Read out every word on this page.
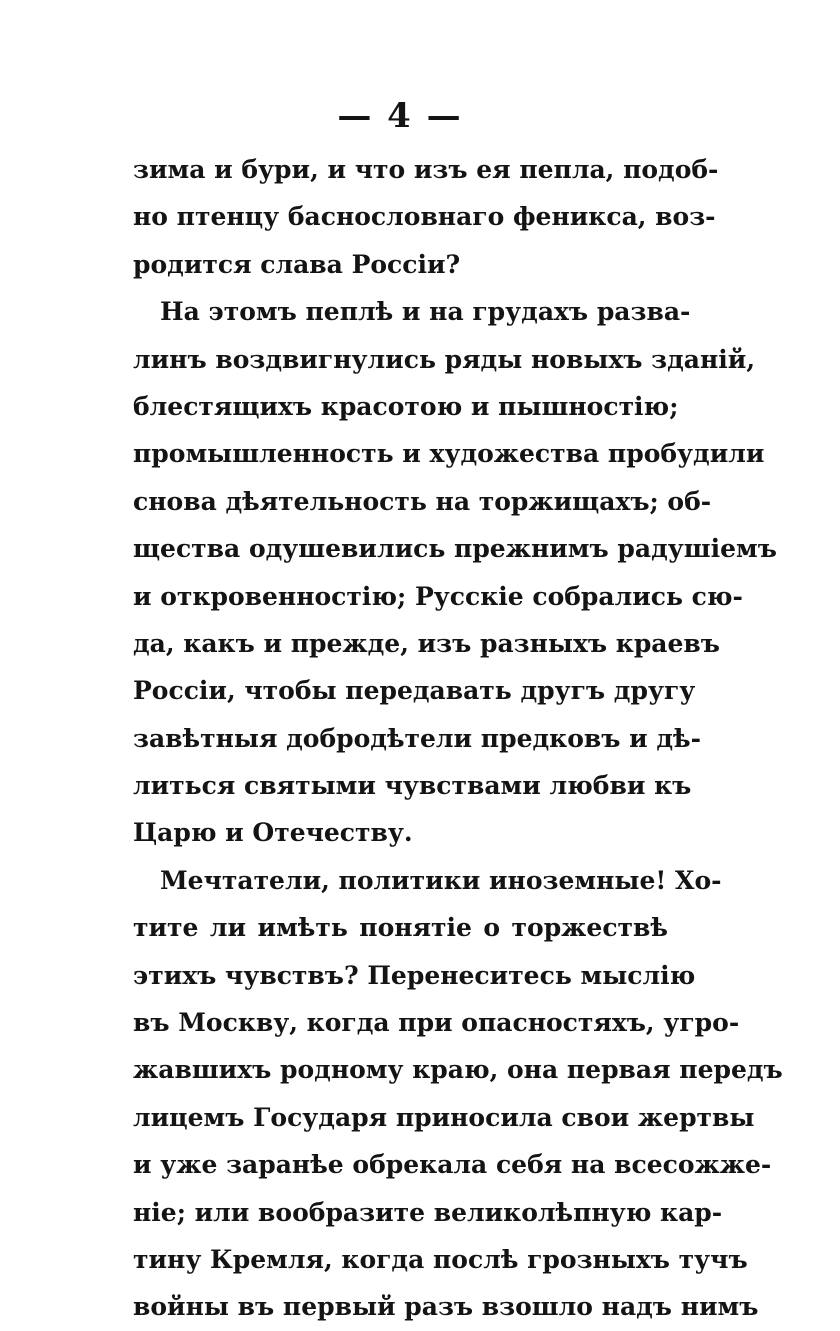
— 4 —
зима и бури, и что изъ ея пепла, подоб-
но птенцу баснословнаго феникса, воз-
родится слава Россіи?
На этомъ пеплѣ и на грудахъ разва-
линъ воздвигнулись ряды новыхъ зданій,
блестящихъ красотою и пышностію;
промышленность и художества пробудили
снова дѣятельность на торжищахъ; об-
щества одушевились прежнимъ радушіемъ
и откровенностію; Русскіе собрались сю-
да, какъ и прежде, изъ разныхъ краевъ
Россіи, чтобы передавать другъ другу
завѣтныя добродѣтели предковъ и дѣ-
литься святыми чувствами любви къ
Царю и Отечеству.
Мечтатели, политики иноземные! Хо-
тите ли имѣть понятіе о торжествѣ
этихъ чувствъ? Перенеситесь мыслію
въ Москву, когда при опасностяхъ, угро-
жавшихъ родному краю, она первая передъ
лицемъ Государя приносила свои жертвы
и уже заранѣе обрекала себя на всесожже-
ніе; или вообразите великолѣпную кар-
тину Кремля, когда послѣ грозныхъ тучъ
войны въ первый разъ взошло надъ нимъ
